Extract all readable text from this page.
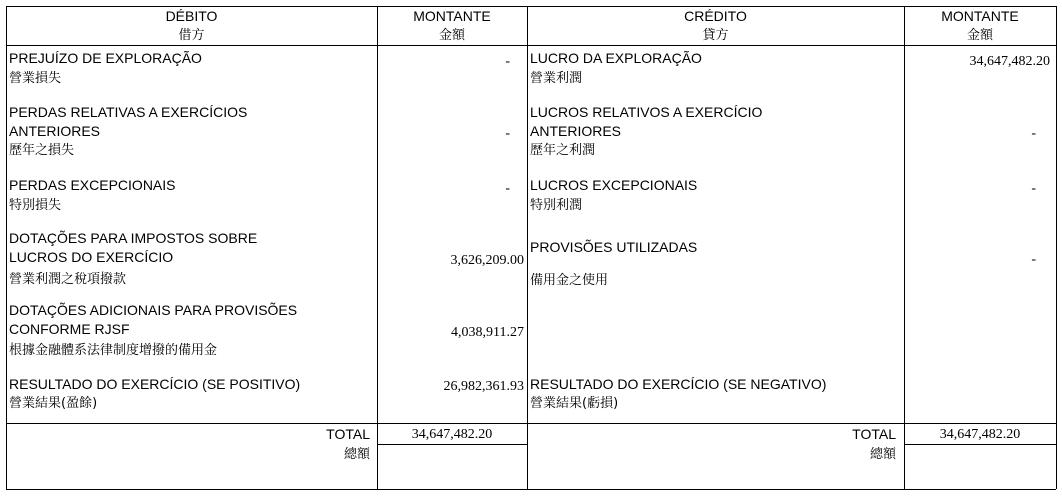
DÉBITO
借方
MONTANTE
金額
CRÉDITO
貸方
MONTANTE
金額
PREJUÍZO DE EXPLORAÇÃO
營業損失
-
PERDAS RELATIVAS A EXERCÍCIOS
ANTERIORES
歷年之損失
-
PERDAS EXCEPCIONAIS
特別損失
-
DOTAÇÕES PARA IMPOSTOS SOBRE
LUCROS DO EXERCÍCIO
營業利潤之稅項撥款
3,626,209.00
DOTAÇÕES ADICIONAIS PARA PROVISÕES
CONFORME RJSF
根據金融體系法律制度增撥的備用金
4,038,911.27
RESULTADO DO EXERCÍCIO (SE POSITIVO)
營業結果(盈餘)
26,982,361.93
LUCRO DA EXPLORAÇÃO
營業利潤
34,647,482.20
LUCROS RELATIVOS A EXERCÍCIO
ANTERIORES
歷年之利潤
-
LUCROS EXCEPCIONAIS
特別利潤
-
PROVISÕES UTILIZADAS
備用金之使用
-
RESULTADO DO EXERCÍCIO (SE NEGATIVO)
營業結果(虧損)
TOTAL
總額
34,647,482.20	TOTAL
總額
34,647,482.20
